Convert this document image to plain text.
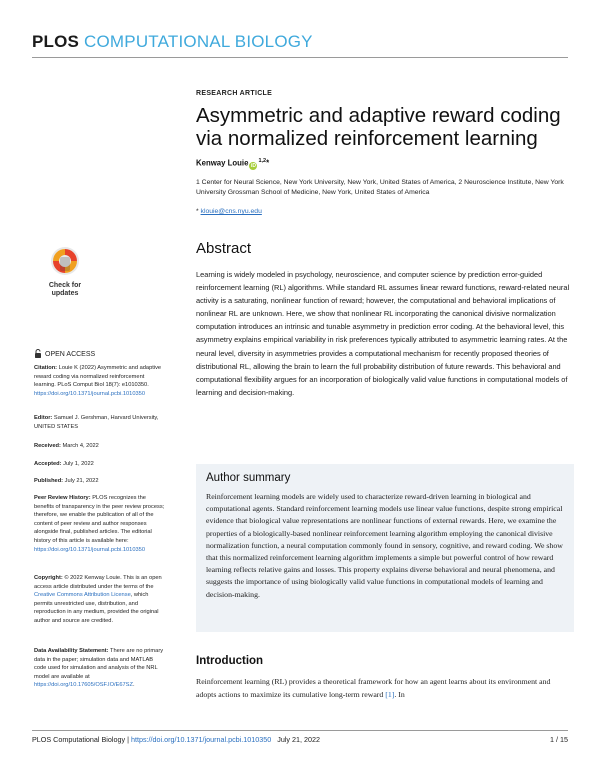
PLOS COMPUTATIONAL BIOLOGY
RESEARCH ARTICLE
Asymmetric and adaptive reward coding via normalized reinforcement learning
Kenway Louie iD$^{1,2}$*
1 Center for Neural Science, New York University, New York, United States of America, 2 Neuroscience Institute, New York University Grossman School of Medicine, New York, United States of America
* klouie@cns.nyu.edu
Check for
updates
Abstract
Learning is widely modeled in psychology, neuroscience, and computer science by prediction error-guided reinforcement learning (RL) algorithms. While standard RL assumes linear reward functions, reward-related neural activity is a saturating, nonlinear function of reward; however, the computational and behavioral implications of nonlinear RL are unknown. Here, we show that nonlinear RL incorporating the canonical divisive normalization computation introduces an intrinsic and tunable asymmetry in prediction error coding. At the behavioral level, this asymmetry explains empirical variability in risk preferences typically attributed to asymmetric learning rates. At the neural level, diversity in asymmetries provides a computational mechanism for recently proposed theories of distributional RL, allowing the brain to learn the full probability distribution of future rewards. This behavioral and computational flexibility argues for an incorporation of biologically valid value functions in computational models of learning and decision-making.
OPEN ACCESS
Citation: Louie K (2022) Asymmetric and adaptive reward coding via normalized reinforcement learning. PLoS Comput Biol 18(7): e1010350. https://doi.org/10.1371/journal.pcbi.1010350
Editor: Samuel J. Gershman, Harvard University, UNITED STATES
Received: March 4, 2022
Accepted: July 1, 2022
Published: July 21, 2022
Peer Review History: PLOS recognizes the benefits of transparency in the peer review process; therefore, we enable the publication of all of the content of peer review and author responses alongside final, published articles. The editorial history of this article is available here: https://doi.org/10.1371/journal.pcbi.1010350
Copyright: © 2022 Kenway Louie. This is an open access article distributed under the terms of the Creative Commons Attribution License, which permits unrestricted use, distribution, and reproduction in any medium, provided the original author and source are credited.
Data Availability Statement: There are no primary data in the paper; simulation data and MATLAB code used for simulation and analysis of the NRL model are available at https://doi.org/10.17605/OSF.IO/E67SZ.
Author summary
Reinforcement learning models are widely used to characterize reward-driven learning in biological and computational agents. Standard reinforcement learning models use linear value functions, despite strong empirical evidence that biological value representations are nonlinear functions of external rewards. Here, we examine the properties of a biologically-based nonlinear reinforcement learning algorithm employing the canonical divisive normalization function, a neural computation commonly found in sensory, cognitive, and reward coding. We show that this normalized reinforcement learning algorithm implements a simple but powerful control of how reward learning reflects relative gains and losses. This property explains diverse behavioral and neural phenomena, and suggests the importance of using biologically valid value functions in computational models of learning and decision-making.
Introduction
Reinforcement learning (RL) provides a theoretical framework for how an agent learns about its environment and adopts actions to maximize its cumulative long-term reward [1]. In
PLOS Computational Biology | https://doi.org/10.1371/journal.pcbi.1010350 July 21, 2022	1 / 15
